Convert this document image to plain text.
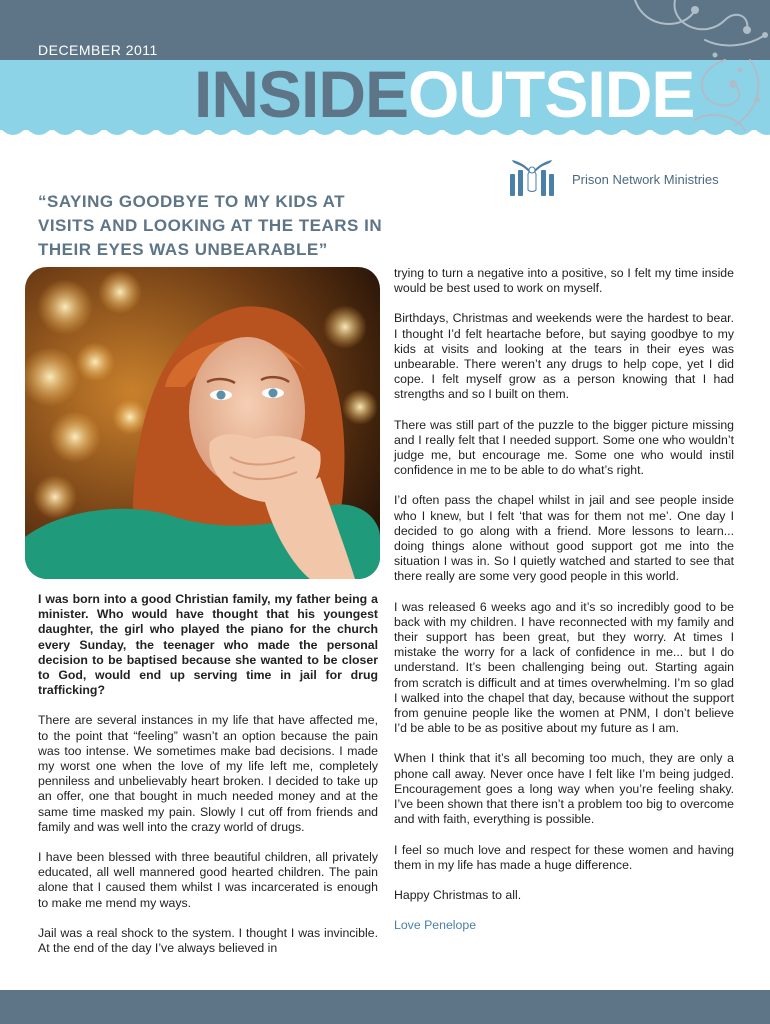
DECEMBER 2011
INSIDEOUTSIDE
Prison Network Ministries
“SAYING GOODBYE TO MY KIDS AT VISITS AND LOOKING AT THE TEARS IN THEIR EYES WAS UNBEARABLE”

I was born into a good Christian family, my father being a minister. Who would have thought that his youngest daughter, the girl who played the piano for the church every Sunday, the teenager who made the personal decision to be baptised because she wanted to be closer to God, would end up serving time in jail for drug trafficking?

There are several instances in my life that have affected me, to the point that “feeling” wasn’t an option because the pain was too intense. We sometimes make bad decisions. I made my worst one when the love of my life left me, completely penniless and unbelievably heart broken. I decided to take up an offer, one that bought in much needed money and at the same time masked my pain. Slowly I cut off from friends and family and was well into the crazy world of drugs.

I have been blessed with three beautiful children, all privately educated, all well mannered good hearted children. The pain alone that I caused them whilst I was incarcerated is enough to make me mend my ways.

Jail was a real shock to the system. I thought I was invincible. At the end of the day I’ve always believed in

trying to turn a negative into a positive, so I felt my time inside would be best used to work on myself.

Birthdays, Christmas and weekends were the hardest to bear. I thought I’d felt heartache before, but saying goodbye to my kids at visits and looking at the tears in their eyes was unbearable. There weren’t any drugs to help cope, yet I did cope. I felt myself grow as a person knowing that I had strengths and so I built on them.

There was still part of the puzzle to the bigger picture missing and I really felt that I needed support. Some one who wouldn’t judge me, but encourage me. Some one who would instil confidence in me to be able to do what’s right.

I’d often pass the chapel whilst in jail and see people inside who I knew, but I felt ‘that was for them not me’. One day I decided to go along with a friend. More lessons to learn... doing things alone without good support got me into the situation I was in. So I quietly watched and started to see that there really are some very good people in this world.

I was released 6 weeks ago and it’s so incredibly good to be back with my children. I have reconnected with my family and their support has been great, but they worry. At times I mistake the worry for a lack of confidence in me... but I do understand. It’s been challenging being out. Starting again from scratch is difficult and at times overwhelming. I’m so glad I walked into the chapel that day, because without the support from genuine people like the women at PNM, I don’t believe I’d be able to be as positive about my future as I am.

When I think that it’s all becoming too much, they are only a phone call away. Never once have I felt like I’m being judged. Encouragement goes a long way when you’re feeling shaky. I’ve been shown that there isn’t a problem too big to overcome and with faith, everything is possible.

I feel so much love and respect for these women and having them in my life has made a huge difference.

Happy Christmas to all.

Love Penelope
